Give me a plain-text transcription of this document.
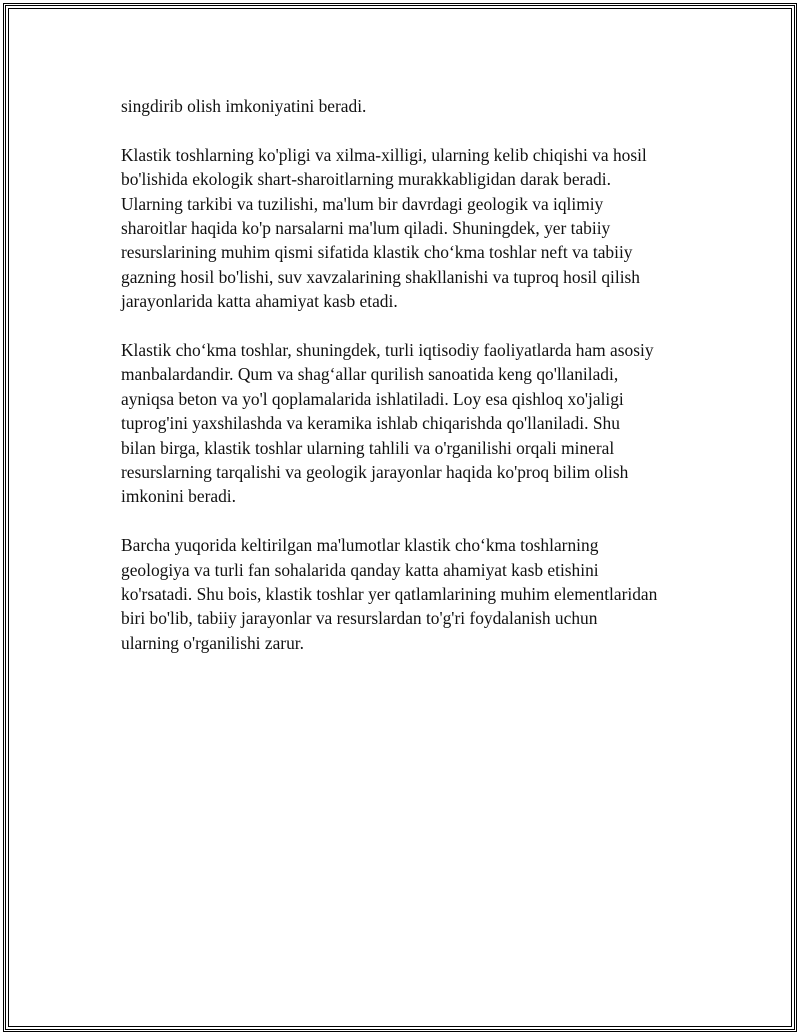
singdirib olish imkoniyatini beradi.

Klastik toshlarning ko'pligi va xilma-xilligi, ularning kelib chiqishi va hosil
bo'lishida ekologik shart-sharoitlarning murakkabligidan darak beradi.
Ularning tarkibi va tuzilishi, ma'lum bir davrdagi geologik va iqlimiy
sharoitlar haqida ko'p narsalarni ma'lum qiladi. Shuningdek, yer tabiiy
resurslarining muhim qismi sifatida klastik cho‘kma toshlar neft va tabiiy
gazning hosil bo'lishi, suv xavzalarining shakllanishi va tuproq hosil qilish
jarayonlarida katta ahamiyat kasb etadi.

Klastik cho‘kma toshlar, shuningdek, turli iqtisodiy faoliyatlarda ham asosiy
manbalardandir. Qum va shag‘allar qurilish sanoatida keng qo'llaniladi,
ayniqsa beton va yo'l qoplamalarida ishlatiladi. Loy esa qishloq xo'jaligi
tuprog'ini yaxshilashda va keramika ishlab chiqarishda qo'llaniladi. Shu
bilan birga, klastik toshlar ularning tahlili va o'rganilishi orqali mineral
resurslarning tarqalishi va geologik jarayonlar haqida ko'proq bilim olish
imkonini beradi.

Barcha yuqorida keltirilgan ma'lumotlar klastik cho‘kma toshlarning
geologiya va turli fan sohalarida qanday katta ahamiyat kasb etishini
ko'rsatadi. Shu bois, klastik toshlar yer qatlamlarining muhim elementlaridan
biri bo'lib, tabiiy jarayonlar va resurslardan to'g'ri foydalanish uchun
ularning o'rganilishi zarur.
